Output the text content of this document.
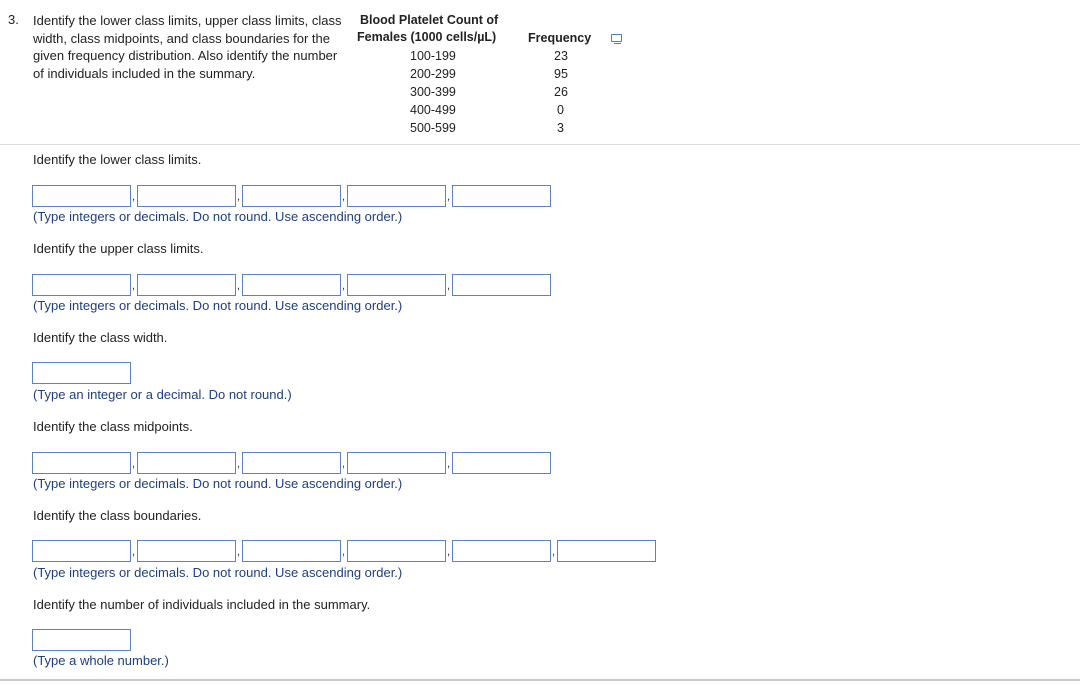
3. Identify the lower class limits, upper class limits, class width, class midpoints, and class boundaries for the given frequency distribution. Also identify the number of individuals included in the summary.
Blood Platelet Count of
Females (1000 cells/µL)	Frequency
100-199	23
200-299	95
300-399	26
400-499	0
500-599	3
Identify the lower class limits.
,	,	,	,
(Type integers or decimals. Do not round. Use ascending order.)
Identify the upper class limits.
,	,	,	,
(Type integers or decimals. Do not round. Use ascending order.)
Identify the class width.
(Type an integer or a decimal. Do not round.)
Identify the class midpoints.
,	,	,	,
(Type integers or decimals. Do not round. Use ascending order.)
Identify the class boundaries.
,	,	,	,	,
(Type integers or decimals. Do not round. Use ascending order.)
Identify the number of individuals included in the summary.
(Type a whole number.)
